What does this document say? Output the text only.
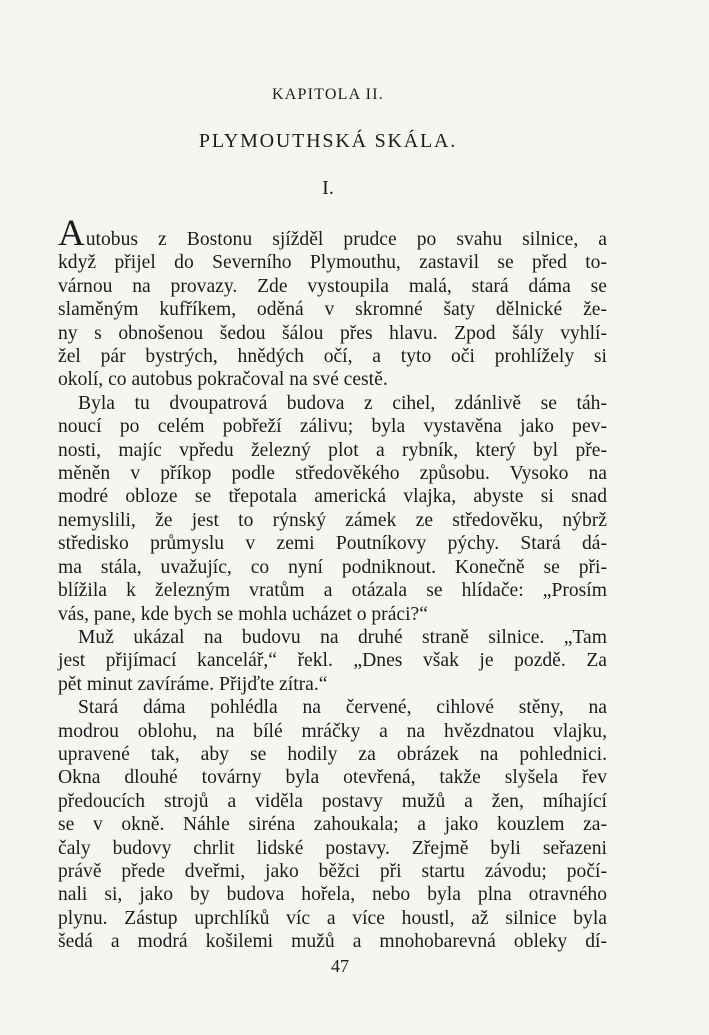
KAPITOLA II.
PLYMOUTHSKÁ SKÁLA.
I.
Autobus z Bostonu sjížděl prudce po svahu silnice, a
když přijel do Severního Plymouthu, zastavil se před to-
várnou na provazy. Zde vystoupila malá, stará dáma se
slaměným kufříkem, oděná v skromné šaty dělnické že-
ny s obnošenou šedou šálou přes hlavu. Zpod šály vyhlí-
žel pár bystrých, hnědých očí, a tyto oči prohlížely si
okolí, co autobus pokračoval na své cestě.
Byla tu dvoupatrová budova z cihel, zdánlivě se táh-
noucí po celém pobřeží zálivu; byla vystavěna jako pev-
nosti, majíc vpředu železný plot a rybník, který byl pře-
měněn v příkop podle středověkého způsobu. Vysoko na
modré obloze se třepotala americká vlajka, abyste si snad
nemyslili, že jest to rýnský zámek ze středověku, nýbrž
středisko průmyslu v zemi Poutníkovy pýchy. Stará dá-
ma stála, uvažujíc, co nyní podniknout. Konečně se při-
blížila k železným vratům a otázala se hlídače: „Prosím
vás, pane, kde bych se mohla ucházet o práci?“
Muž ukázal na budovu na druhé straně silnice. „Tam
jest přijímací kancelář,“ řekl. „Dnes však je pozdě. Za
pět minut zavíráme. Přijďte zítra.“
Stará dáma pohlédla na červené, cihlové stěny, na
modrou oblohu, na bílé mráčky a na hvězdnatou vlajku,
upravené tak, aby se hodily za obrázek na pohlednici.
Okna dlouhé továrny byla otevřená, takže slyšela řev
předoucích strojů a viděla postavy mužů a žen, míhající
se v okně. Náhle siréna zahoukala; a jako kouzlem za-
čaly budovy chrlit lidské postavy. Zřejmě byli seřazeni
právě přede dveřmi, jako běžci při startu závodu; počí-
nali si, jako by budova hořela, nebo byla plna otravného
plynu. Zástup uprchlíků víc a více houstl, až silnice byla
šedá a modrá košilemi mužů a mnohobarevná obleky dí-
47
